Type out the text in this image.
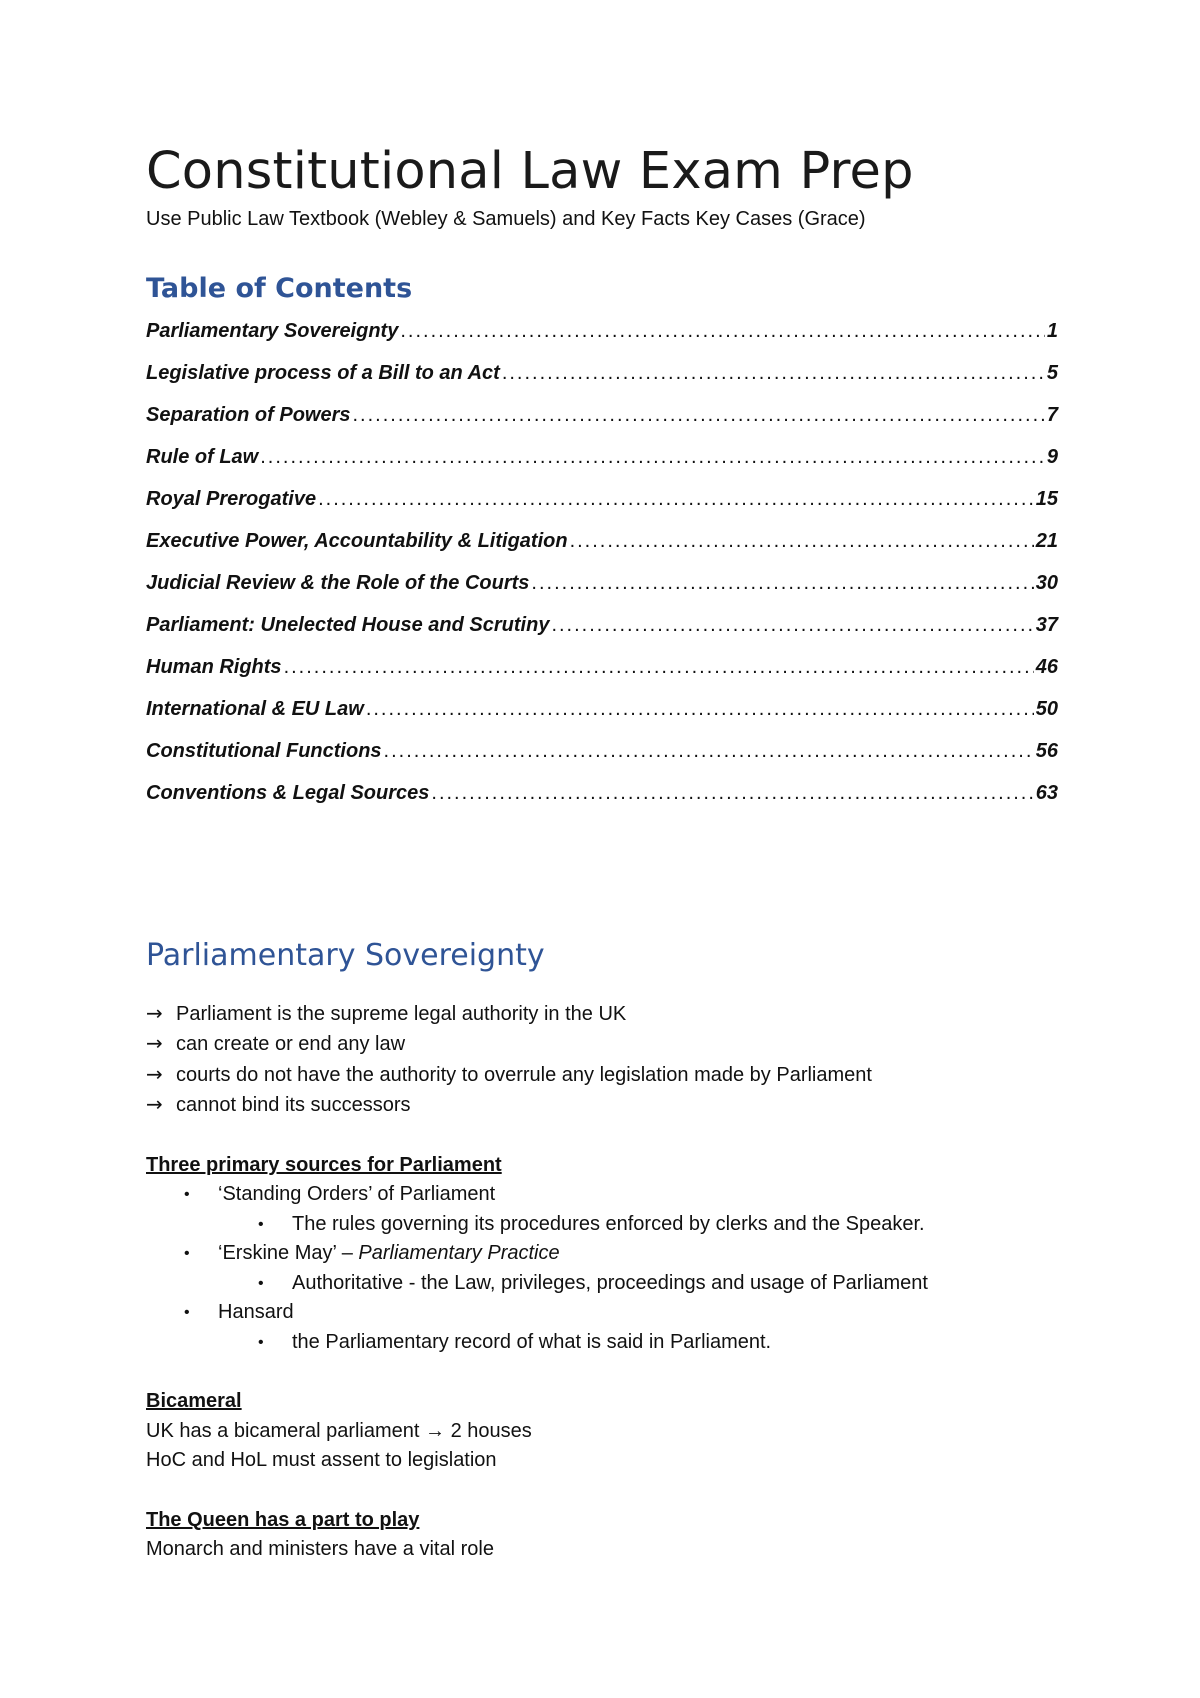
Constitutional Law Exam Prep
Use Public Law Textbook (Webley & Samuels) and Key Facts Key Cases (Grace)
Table of Contents
Parliamentary Sovereignty .....	1
Legislative process of a Bill to an Act .....	5
Separation of Powers .....	7
Rule of Law .....	9
Royal Prerogative .....	15
Executive Power, Accountability & Litigation .....	21
Judicial Review & the Role of the Courts .....	30
Parliament: Unelected House and Scrutiny .....	37
Human Rights .....	46
International & EU Law .....	50
Constitutional Functions .....	56
Conventions & Legal Sources .....	63
Parliamentary Sovereignty
→ Parliament is the supreme legal authority in the UK
→ can create or end any law
→ courts do not have the authority to overrule any legislation made by Parliament
→ cannot bind its successors
Three primary sources for Parliament
• ‘Standing Orders’ of Parliament
• The rules governing its procedures enforced by clerks and the Speaker.
• ‘Erskine May’ – Parliamentary Practice
• Authoritative - the Law, privileges, proceedings and usage of Parliament
• Hansard
• the Parliamentary record of what is said in Parliament.
Bicameral
UK has a bicameral parliament → 2 houses
HoC and HoL must assent to legislation
The Queen has a part to play
Monarch and ministers have a vital role
